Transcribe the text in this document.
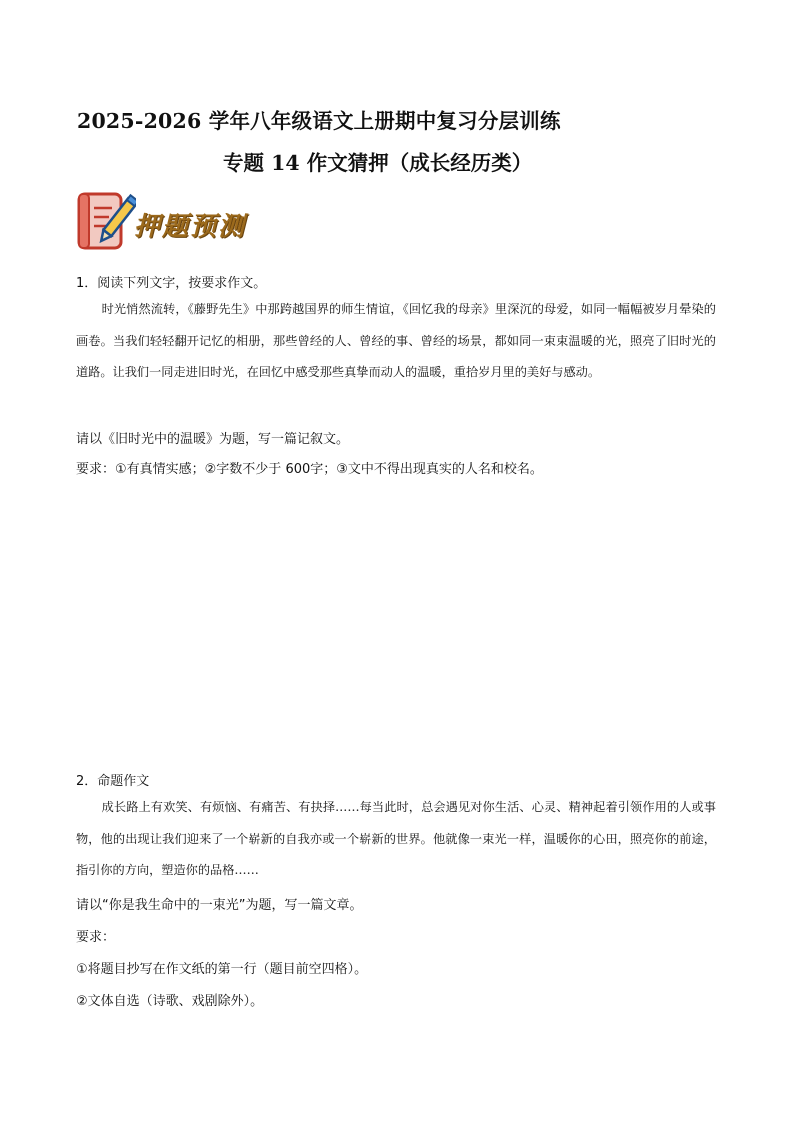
2025-2026 学年八年级语文上册期中复习分层训练
专题 14 作文猜押（成长经历类）
押题预测
1．阅读下列文字，按要求作文。
时光悄然流转，《藤野先生》中那跨越国界的师生情谊，《回忆我的母亲》里深沉的母爱，如同一幅幅被岁月晕染的画卷。当我们轻轻翻开记忆的相册，那些曾经的人、曾经的事、曾经的场景，都如同一束束温暖的光，照亮了旧时光的道路。让我们一同走进旧时光，在回忆中感受那些真挚而动人的温暖，重拾岁月里的美好与感动。
请以《旧时光中的温暖》为题，写一篇记叙文。
要求：①有真情实感；②字数不少于 600字；③文中不得出现真实的人名和校名。
2．命题作文
成长路上有欢笑、有烦恼、有痛苦、有抉择……每当此时，总会遇见对你生活、心灵、精神起着引领作用的人或事物，他的出现让我们迎来了一个崭新的自我亦或一个崭新的世界。他就像一束光一样，温暖你的心田，照亮你的前途，指引你的方向，塑造你的品格……
请以“你是我生命中的一束光”为题，写一篇文章。
要求：
①将题目抄写在作文纸的第一行（题目前空四格）。
②文体自选（诗歌、戏剧除外）。
